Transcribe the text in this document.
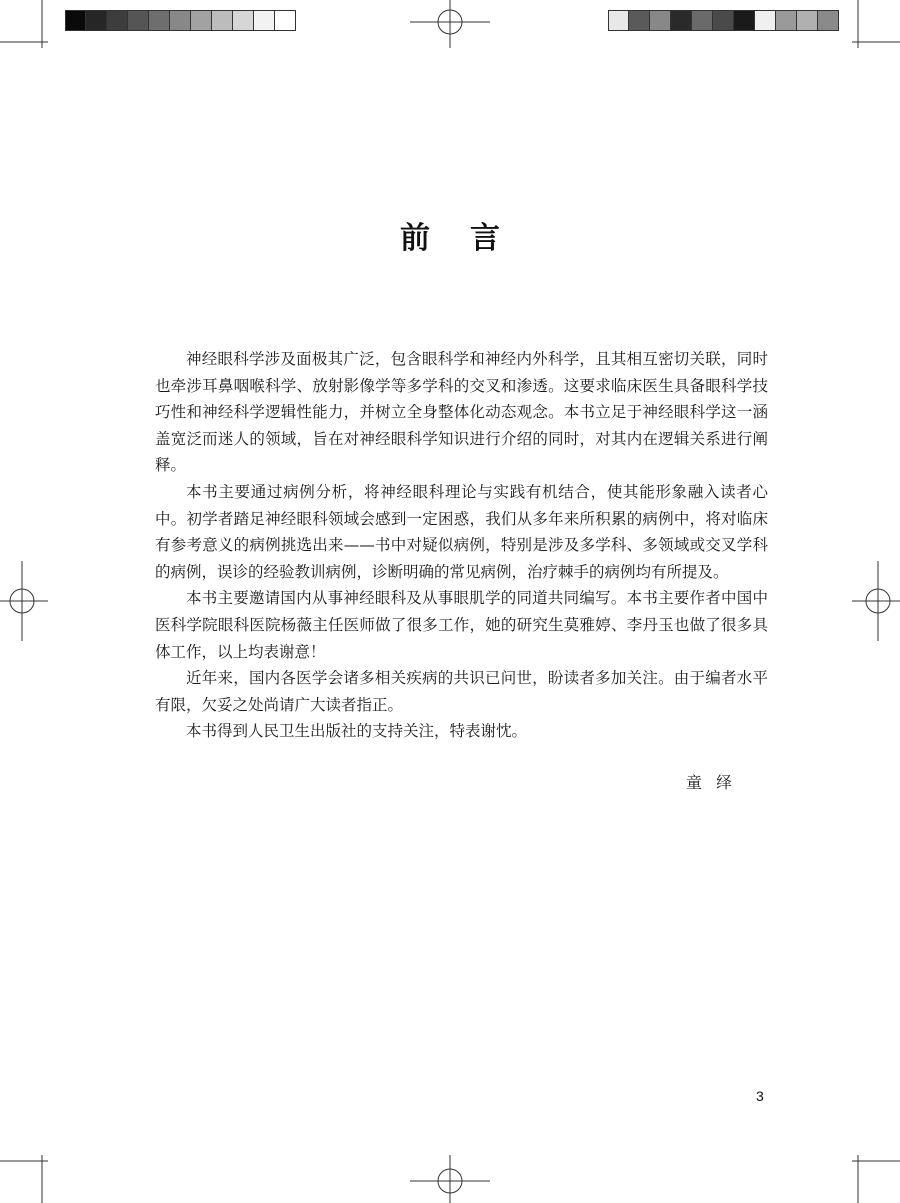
前言

神经眼科学涉及面极其广泛，包含眼科学和神经内外科学，且其相互密切关联，同时也牵涉耳鼻咽喉科学、放射影像学等多学科的交叉和渗透。这要求临床医生具备眼科学技巧性和神经科学逻辑性能力，并树立全身整体化动态观念。本书立足于神经眼科学这一涵盖宽泛而迷人的领域，旨在对神经眼科学知识进行介绍的同时，对其内在逻辑关系进行阐释。

本书主要通过病例分析，将神经眼科理论与实践有机结合，使其能形象融入读者心中。初学者踏足神经眼科领域会感到一定困惑，我们从多年来所积累的病例中，将对临床有参考意义的病例挑选出来——书中对疑似病例，特别是涉及多学科、多领域或交叉学科的病例，误诊的经验教训病例，诊断明确的常见病例，治疗棘手的病例均有所提及。

本书主要邀请国内从事神经眼科及从事眼肌学的同道共同编写。本书主要作者中国中医科学院眼科医院杨薇主任医师做了很多工作，她的研究生莫雅婷、李丹玉也做了很多具体工作，以上均表谢意！

近年来，国内各医学会诸多相关疾病的共识已问世，盼读者多加关注。由于编者水平有限，欠妥之处尚请广大读者指正。

本书得到人民卫生出版社的支持关注，特表谢忱。

童绎
3
